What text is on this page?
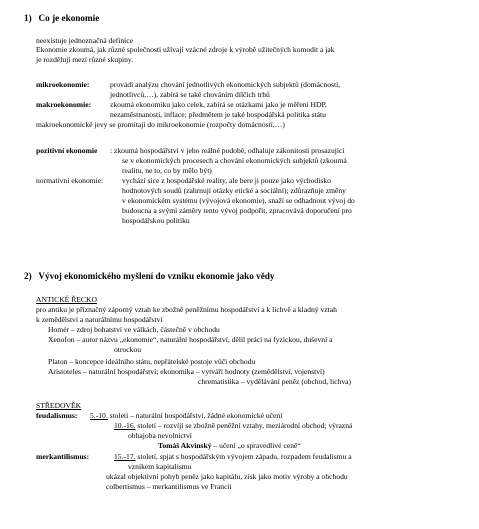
1) Co je ekonomie
neexistuje jednoznačná definice
Ekonomie zkoumá, jak různé společnosti užívají vzácné zdroje k výrobě užitečných komodit a jak
je rozdělují mezi různé skupiny.
mikroekonomie:	provádí analýzu chování jednotlivých ekonomických subjektů (domácností,
jednotlivců,…), zabírá se také chováním dílčích trhů
makroekonomie: zkoumá ekonomiku jako celek, zabírá se otázkami jako je měření HDP,
nezaměstnanosti, inflace; předmětem je také hospodářská politika státu
makroekonomické jevy se promítají do mikroekonomie (rozpočty domácností,…)
pozitivní ekonomie : zkoumá hospodářství v jeho reálné podobě, odhaluje zákonitosti prosazující
se v ekonomických procesech a chování ekonomických subjektů (zkoumá
realitu, ne to, co by mělo být)
normativní ekonomie: vychází sice z hospodářské reality, ale bere ji pouze jako východisko
hodnotových soudů (zahrnují otázky etické a sociální); zdůrazňuje změny
v ekonomickém systému (vývojová ekonomie), snaží se odhadnout vývoj do
budoucna a svými záměry tento vývoj podpořit, zpracovává doporučení pro
hospodářskou politiku
2) Vývoj ekonomického myšlení do vzniku ekonomie jako vědy
ANTICKÉ ŘECKO
pro antiku je příznačný záporný vztah ke zbožně peněžnímu hospodářství a k lichvě a kladný vztah
k zemědělství a naturálnímu hospodářství
Homér – zdroj bohatství ve válkách, částečně v obchodu
Xenofon – autor názvu „ekonomie“, naturální hospodářství, dělil práci na fyzickou, duševní a
otrockou
Platon – koncepce ideálního státu, nepřátelské postoje vůči obchodu
Aristoteles – naturální hospodářství; ekonomika – vytváří hodnoty (zemědělství, vojenství)
chrematistika – vydělávání peněz (obchod, lichva)
STŘEDOVĚK
feudalismus: 5.-10. století – naturální hospodářství, žádné ekonomické učení
10.-16. století – rozvíjí se zbožně peněžní vztahy, meziárodní obchod; výrazná
obhajoba nevolnictví
Tomáš Akvinský – učení „o spravedlivé ceně“
merkantilismus:	15.-17. století, spjat s hospodářským vývojem západu, rozpadem feudalismu a
vznikem kapitalismu
ukázal objektivní pohyb peněz jako kapitálu, zisk jako motiv výroby a obchodu
colbertismus – merkantilismus ve Francii
